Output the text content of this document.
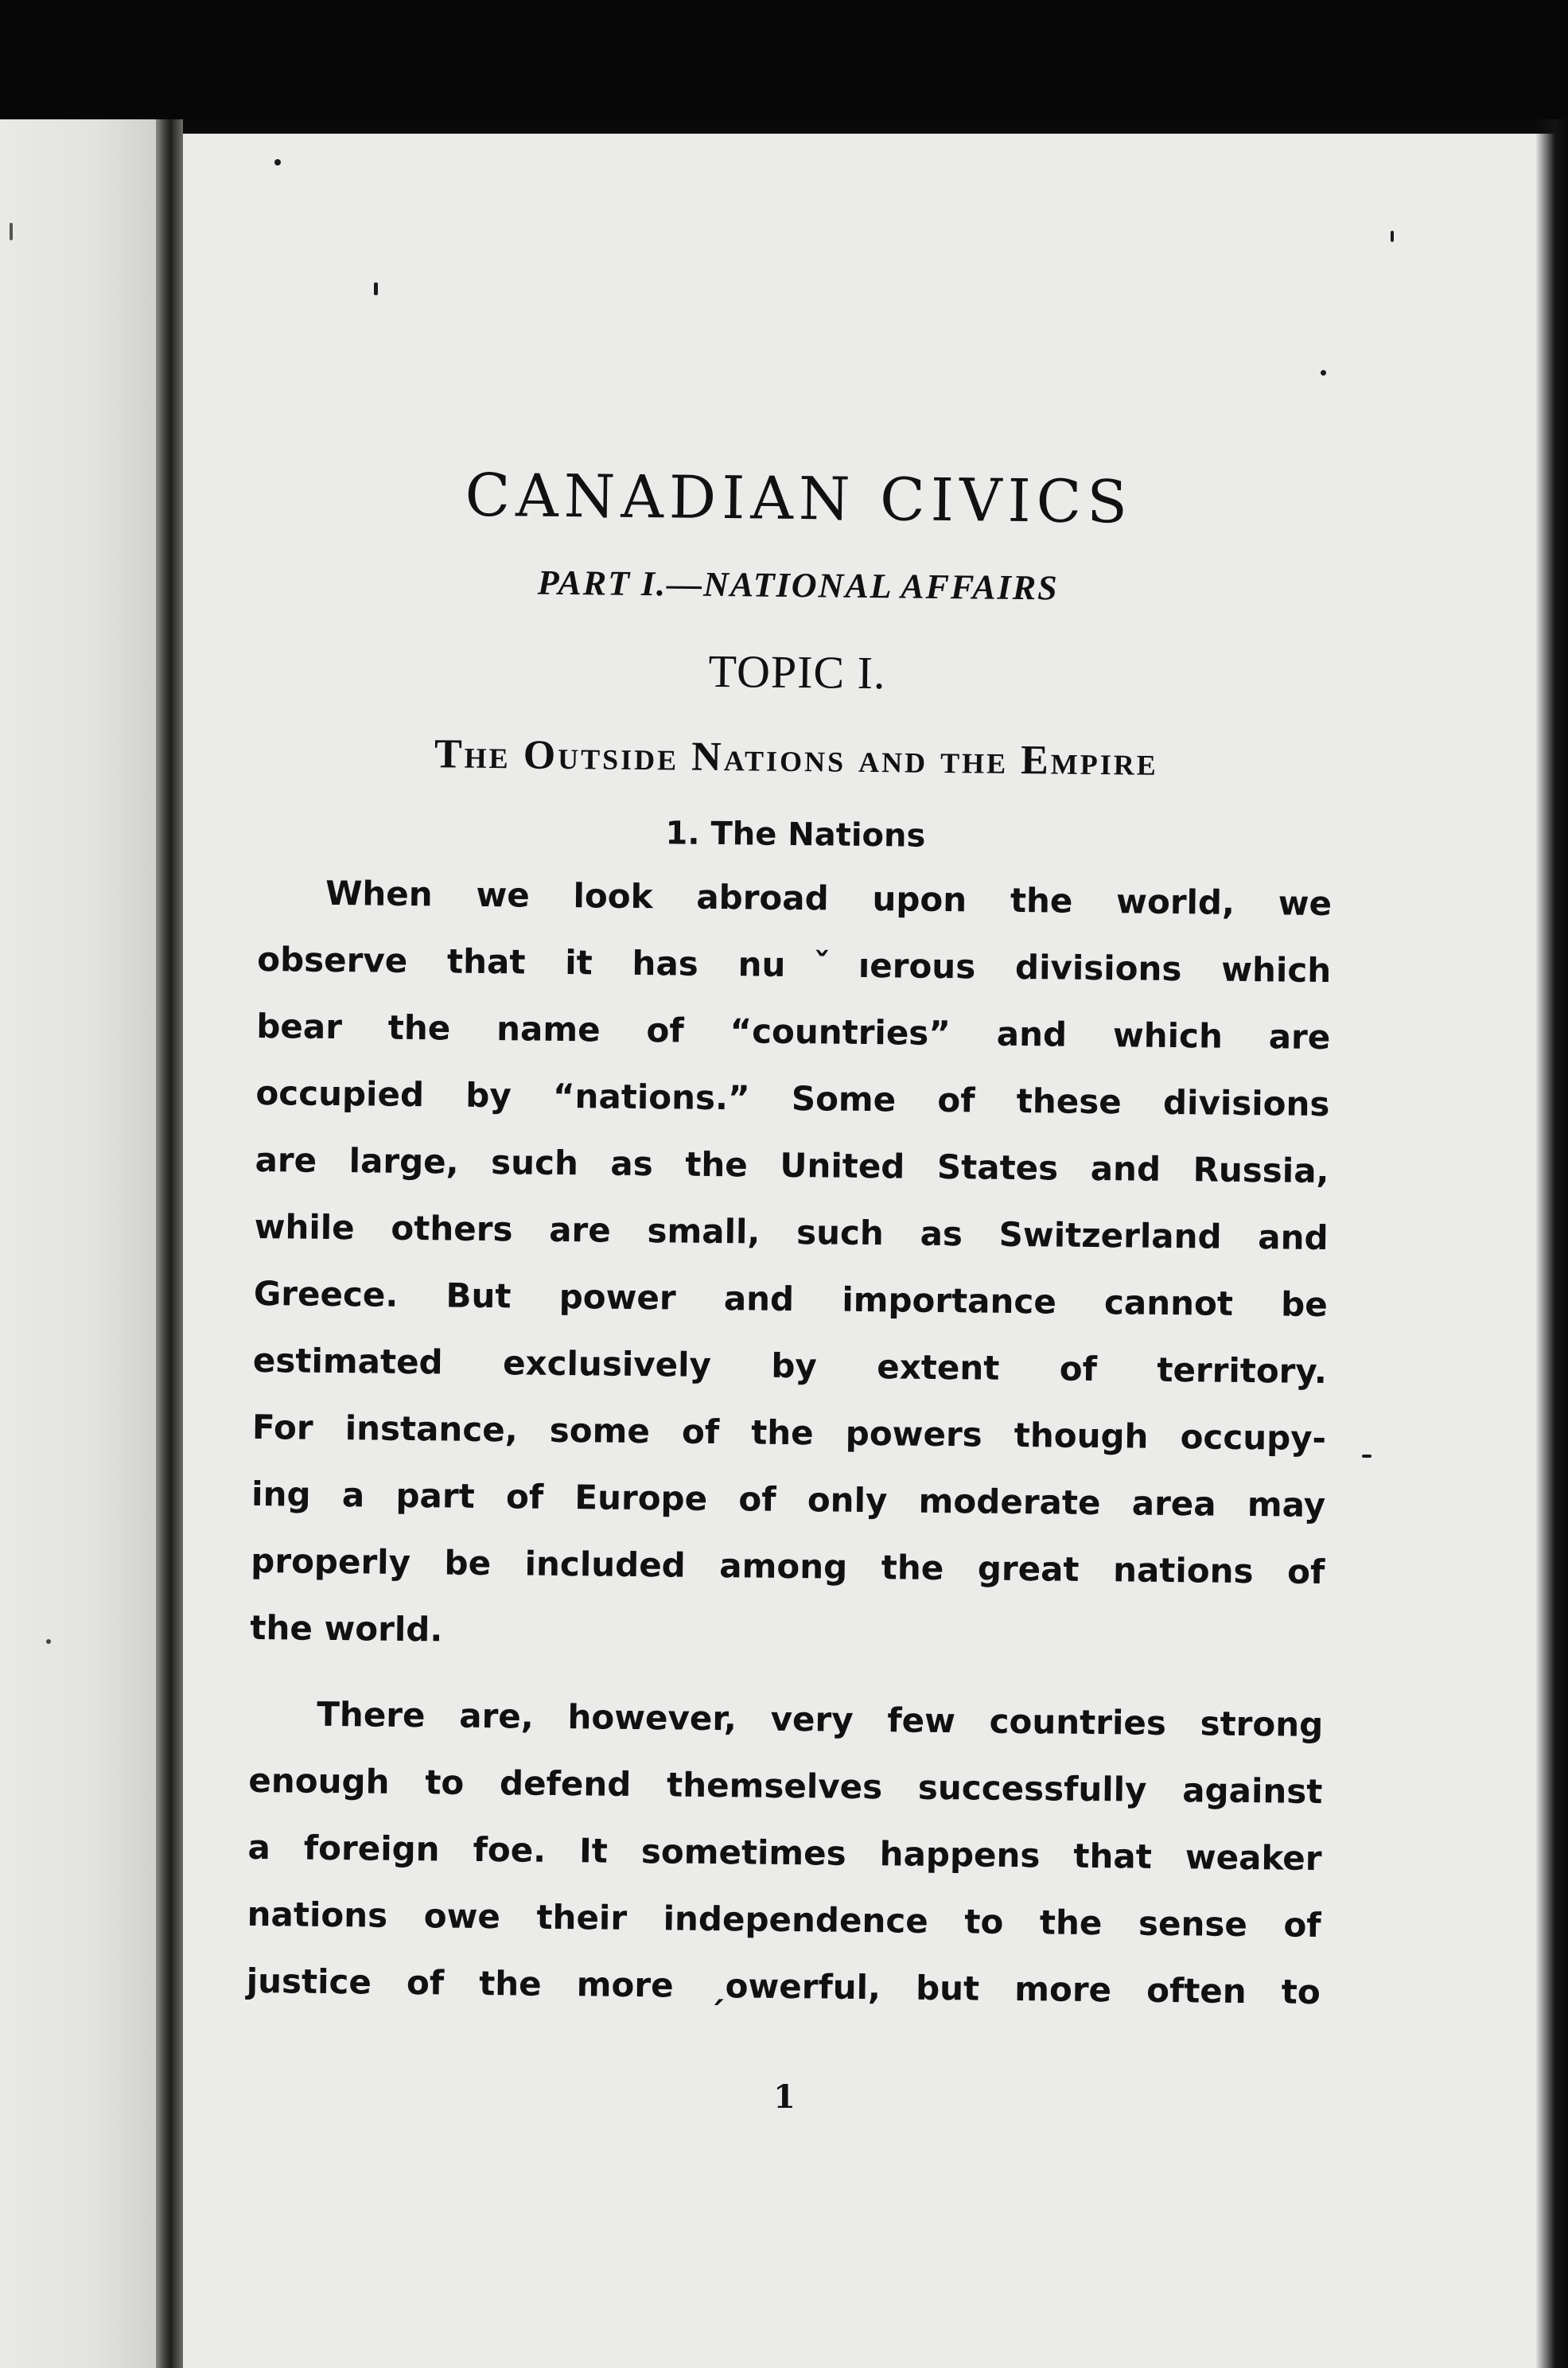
CANADIAN CIVICS
PART I.—NATIONAL AFFAIRS
TOPIC I.
The Outside Nations and the Empire
1. The Nations
When we look abroad upon the world, we
observe that it has nuˇıerous divisions which
bear the name of “countries” and which are
occupied by “nations.” Some of these divisions
are large, such as the United States and Russia,
while others are small, such as Switzerland and
Greece. But power and importance cannot be
estimated exclusively by extent of territory.
For instance, some of the powers though occupy-
ing a part of Europe of only moderate area may
properly be included among the great nations of
the world.
There are, however, very few countries strong
enough to defend themselves successfully against
a foreign foe. It sometimes happens that weaker
nations owe their independence to the sense of
justice of the more ˏowerful, but more often to
1
